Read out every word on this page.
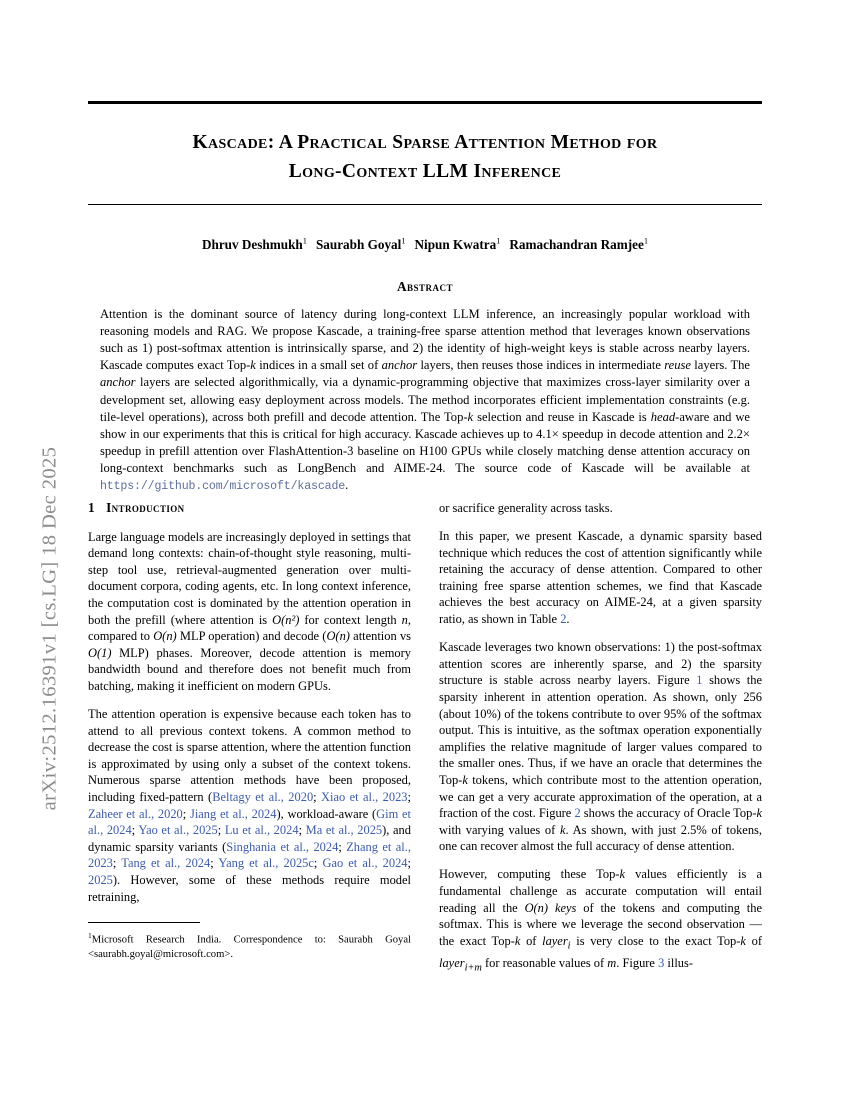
arXiv:2512.16391v1 [cs.LG] 18 Dec 2025
Kascade: A Practical Sparse Attention Method for
Long-Context LLM Inference
Dhruv Deshmukh$^1$ Saurabh Goyal$^1$ Nipun Kwatra$^1$ Ramachandran Ramjee$^1$
Abstract
Attention is the dominant source of latency during long-context LLM inference, an increasingly popular workload with reasoning models and RAG. We propose Kascade, a training-free sparse attention method that leverages known observations such as 1) post-softmax attention is intrinsically sparse, and 2) the identity of high-weight keys is stable across nearby layers. Kascade computes exact Top-k indices in a small set of anchor layers, then reuses those indices in intermediate reuse layers. The anchor layers are selected algorithmically, via a dynamic-programming objective that maximizes cross-layer similarity over a development set, allowing easy deployment across models. The method incorporates efficient implementation constraints (e.g. tile-level operations), across both prefill and decode attention. The Top-k selection and reuse in Kascade is head-aware and we show in our experiments that this is critical for high accuracy. Kascade achieves up to 4.1× speedup in decode attention and 2.2× speedup in prefill attention over FlashAttention-3 baseline on H100 GPUs while closely matching dense attention accuracy on long-context benchmarks such as LongBench and AIME-24. The source code of Kascade will be available at https://github.com/microsoft/kascade.
1 Introduction

Large language models are increasingly deployed in settings that demand long contexts: chain-of-thought style reasoning, multi-step tool use, retrieval-augmented generation over multi-document corpora, coding agents, etc. In long context inference, the computation cost is dominated by the attention operation in both the prefill (where attention is O(n²) for context length n, compared to O(n) MLP operation) and decode (O(n) attention vs O(1) MLP) phases. Moreover, decode attention is memory bandwidth bound and therefore does not benefit much from batching, making it inefficient on modern GPUs.

The attention operation is expensive because each token has to attend to all previous context tokens. A common method to decrease the cost is sparse attention, where the attention function is approximated by using only a subset of the context tokens. Numerous sparse attention methods have been proposed, including fixed-pattern (Beltagy et al., 2020; Xiao et al., 2023; Zaheer et al., 2020; Jiang et al., 2024), workload-aware (Gim et al., 2024; Yao et al., 2025; Lu et al., 2024; Ma et al., 2025), and dynamic sparsity variants (Singhania et al., 2024; Zhang et al., 2023; Tang et al., 2024; Yang et al., 2025c; Gao et al., 2024; 2025). However, some of these methods require model retraining,

or sacrifice generality across tasks.

In this paper, we present Kascade, a dynamic sparsity based technique which reduces the cost of attention significantly while retaining the accuracy of dense attention. Compared to other training free sparse attention schemes, we find that Kascade achieves the best accuracy on AIME-24, at a given sparsity ratio, as shown in Table 2.

Kascade leverages two known observations: 1) the post-softmax attention scores are inherently sparse, and 2) the sparsity structure is stable across nearby layers. Figure 1 shows the sparsity inherent in attention operation. As shown, only 256 (about 10%) of the tokens contribute to over 95% of the softmax output. This is intuitive, as the softmax operation exponentially amplifies the relative magnitude of larger values compared to the smaller ones. Thus, if we have an oracle that determines the Top-k tokens, which contribute most to the attention operation, we can get a very accurate approximation of the operation, at a fraction of the cost. Figure 2 shows the accuracy of Oracle Top-k with varying values of k. As shown, with just 2.5% of tokens, one can recover almost the full accuracy of dense attention.

However, computing these Top-k values efficiently is a fundamental challenge as accurate computation will entail reading all the O(n) keys of the tokens and computing the softmax. This is where we leverage the second observation — the exact Top-k of layer$_i$ is very close to the exact Top-k of layer$_{i+m}$ for reasonable values of m. Figure 3 illus-

$^1$Microsoft Research India. Correspondence to: Saurabh Goyal <saurabh.goyal@microsoft.com>.
